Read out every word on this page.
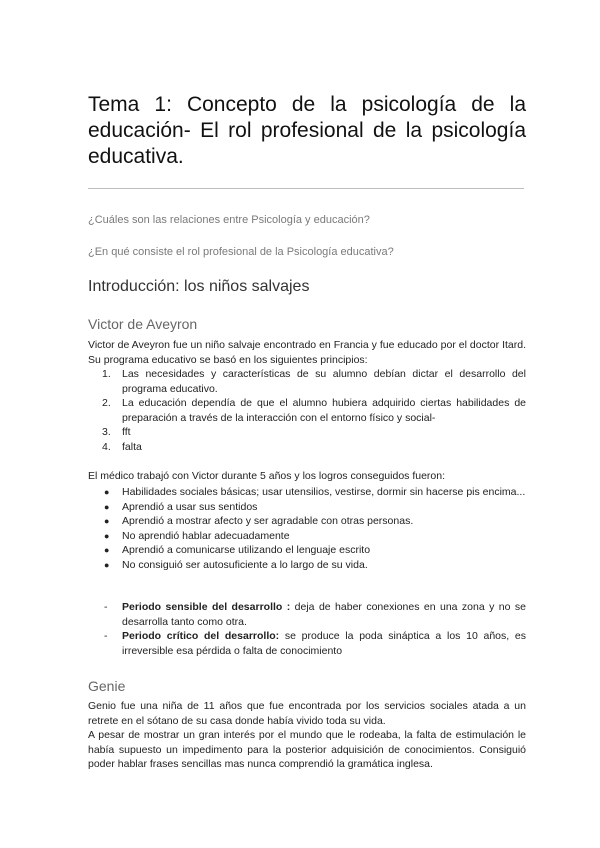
Tema 1: Concepto de la psicología de la educación- El rol profesional de la psicología educativa.

¿Cuáles son las relaciones entre Psicología y educación?

¿En qué consiste el rol profesional de la Psicología educativa?

Introducción: los niños salvajes
Victor de Aveyron

Victor de Aveyron fue un niño salvaje encontrado en Francia y fue educado por el doctor Itard. Su programa educativo se basó en los siguientes principios:

1.	Las necesidades y características de su alumno debían dictar el desarrollo del programa educativo.
2.	La educación dependía de que el alumno hubiera adquirido ciertas habilidades de preparación a través de la interacción con el entorno físico y social-
3.	fft
4.	falta

El médico trabajó con Victor durante 5 años y los logros conseguidos fueron:

●	Habilidades sociales básicas; usar utensilios, vestirse, dormir sin hacerse pis encima...
●	Aprendió a usar sus sentidos
●	Aprendió a mostrar afecto y ser agradable con otras personas.
●	No aprendió hablar adecuadamente
●	Aprendió a comunicarse utilizando el lenguaje escrito
●	No consiguió ser autosuficiente a lo largo de su vida.
-	Periodo sensible del desarrollo : deja de haber conexiones en una zona y no se desarrolla tanto como otra.
-	Periodo crítico del desarrollo: se produce la poda sináptica a los 10 años, es irreversible esa pérdida o falta de conocimiento
Genie

Genio fue una niña de 11 años que fue encontrada por los servicios sociales atada a un retrete en el sótano de su casa donde había vivido toda su vida.

A pesar de mostrar un gran interés por el mundo que le rodeaba, la falta de estimulación le había supuesto un impedimento para la posterior adquisición de conocimientos. Consiguió poder hablar frases sencillas mas nunca comprendió la gramática inglesa.
